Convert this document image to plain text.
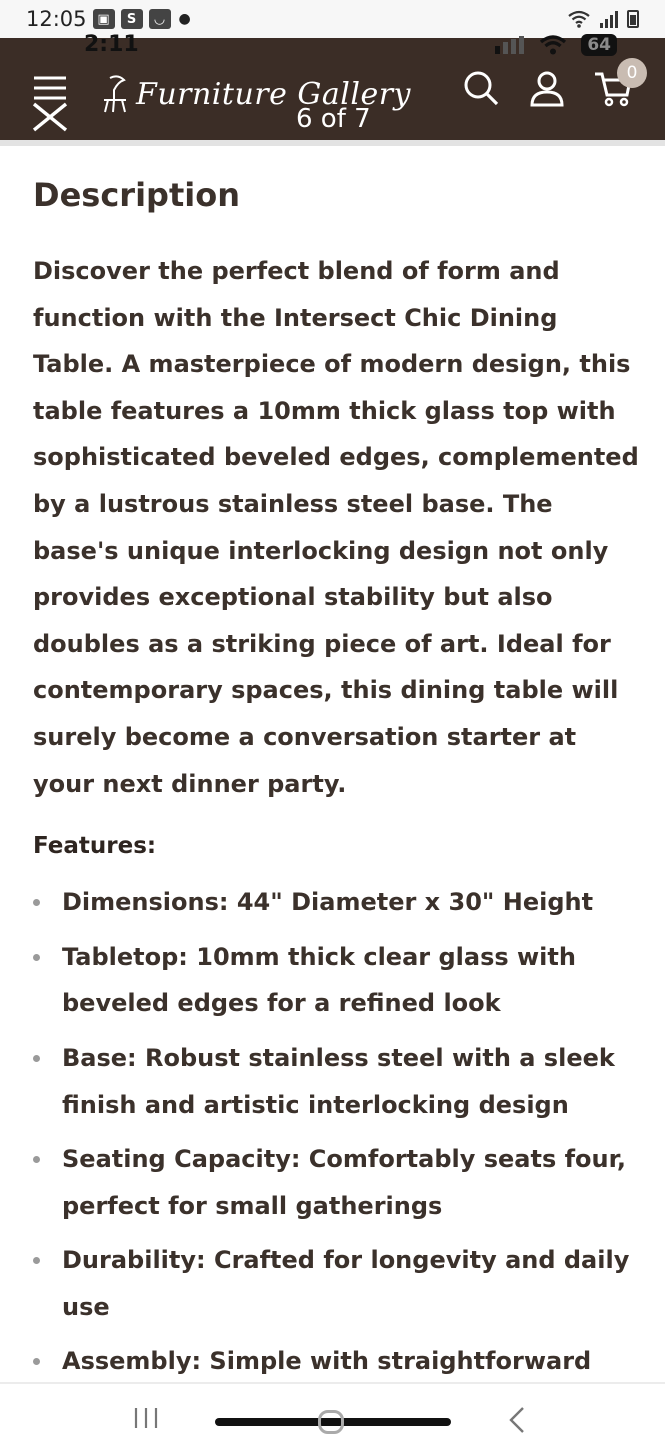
12:05 ▣	S	◡	●
2:11	64
Furniture Gallery
6 of 7
0
Description

Discover the perfect blend of form and function with the Intersect Chic Dining Table. A masterpiece of modern design, this table features a 10mm thick glass top with sophisticated beveled edges, complemented by a lustrous stainless steel base. The base's unique interlocking design not only provides exceptional stability but also doubles as a striking piece of art. Ideal for contemporary spaces, this dining table will surely become a conversation starter at your next dinner party.

Features:
Dimensions: 44" Diameter x 30" Height
Tabletop: 10mm thick clear glass with beveled edges for a refined look
Base: Robust stainless steel with a sleek finish and artistic interlocking design
Seating Capacity: Comfortably seats four, perfect for small gatherings
Durability: Crafted for longevity and daily use
Assembly: Simple with straightforward
